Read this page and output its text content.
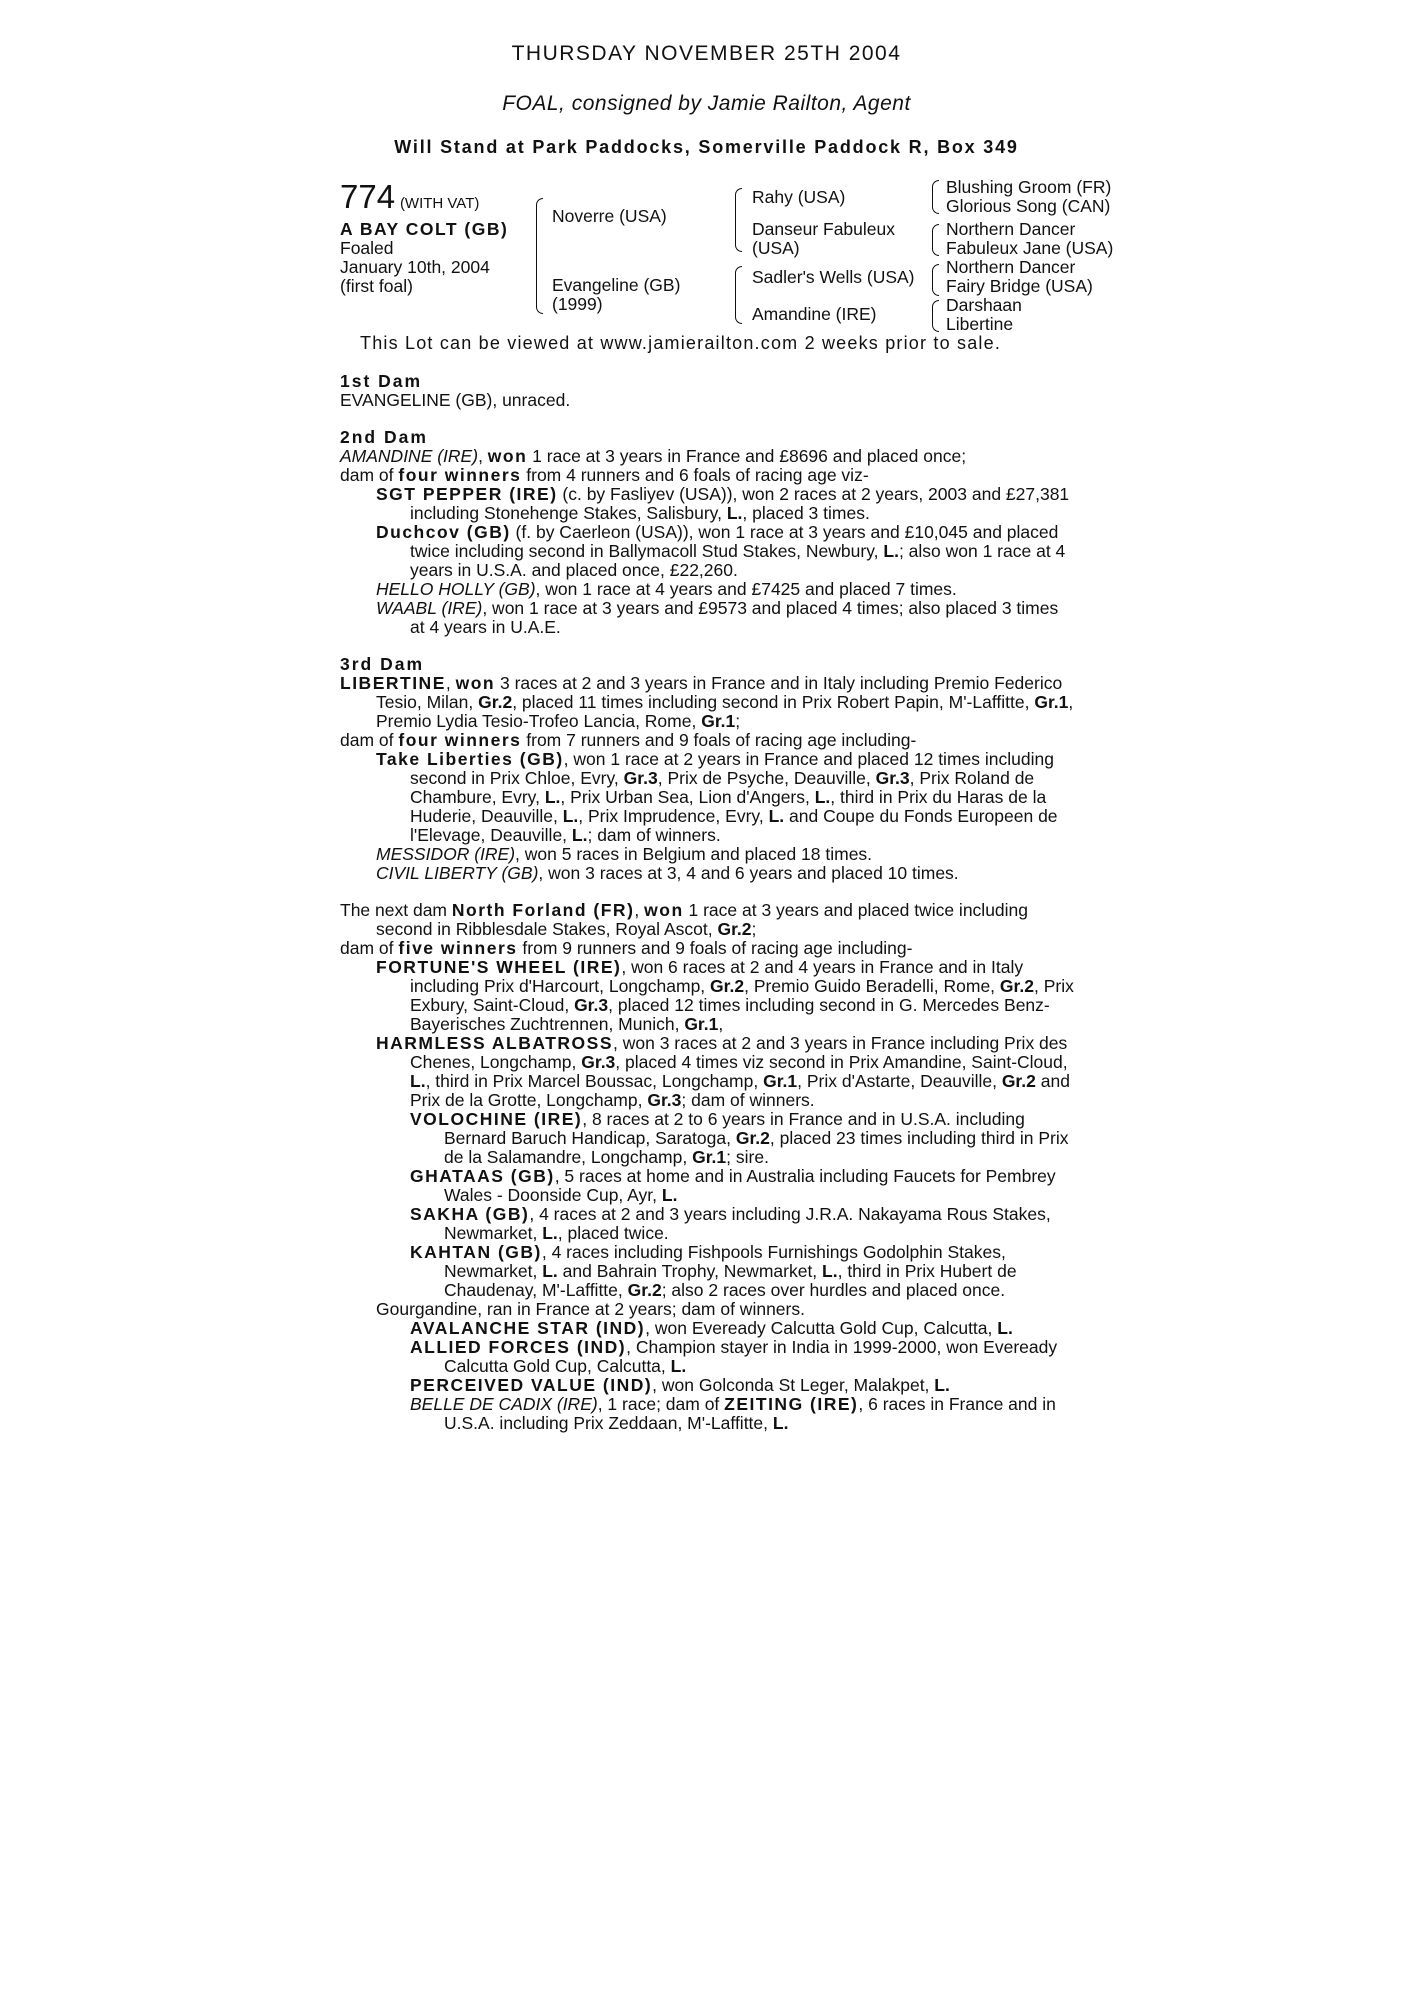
THURSDAY NOVEMBER 25TH 2004
FOAL, consigned by Jamie Railton, Agent
Will Stand at Park Paddocks, Somerville Paddock R, Box 349
774 (WITH VAT)
A BAY COLT (GB)
Foaled
January 10th, 2004
(first foal)
Noverre (USA)
Evangeline (GB)
(1999)
Rahy (USA)
Danseur Fabuleux
(USA)
Sadler's Wells (USA)
Amandine (IRE)
Blushing Groom (FR)
Glorious Song (CAN)
Northern Dancer
Fabuleux Jane (USA)
Northern Dancer
Fairy Bridge (USA)
Darshaan
Libertine
This Lot can be viewed at www.jamierailton.com 2 weeks prior to sale.
1st Dam

EVANGELINE (GB), unraced.

2nd Dam

AMANDINE (IRE), won 1 race at 3 years in France and £8696 and placed once;

dam of four winners from 4 runners and 6 foals of racing age viz-

SGT PEPPER (IRE) (c. by Fasliyev (USA)), won 2 races at 2 years, 2003 and £27,381 including Stonehenge Stakes, Salisbury, L., placed 3 times.

Duchcov (GB) (f. by Caerleon (USA)), won 1 race at 3 years and £10,045 and placed twice including second in Ballymacoll Stud Stakes, Newbury, L.; also won 1 race at 4 years in U.S.A. and placed once, £22,260.

HELLO HOLLY (GB), won 1 race at 4 years and £7425 and placed 7 times.

WAABL (IRE), won 1 race at 3 years and £9573 and placed 4 times; also placed 3 times at 4 years in U.A.E.

3rd Dam

LIBERTINE, won 3 races at 2 and 3 years in France and in Italy including Premio Federico Tesio, Milan, Gr.2, placed 11 times including second in Prix Robert Papin, M'-Laffitte, Gr.1, Premio Lydia Tesio-Trofeo Lancia, Rome, Gr.1;

dam of four winners from 7 runners and 9 foals of racing age including-

Take Liberties (GB), won 1 race at 2 years in France and placed 12 times including second in Prix Chloe, Evry, Gr.3, Prix de Psyche, Deauville, Gr.3, Prix Roland de Chambure, Evry, L., Prix Urban Sea, Lion d'Angers, L., third in Prix du Haras de la Huderie, Deauville, L., Prix Imprudence, Evry, L. and Coupe du Fonds Europeen de l'Elevage, Deauville, L.; dam of winners.

MESSIDOR (IRE), won 5 races in Belgium and placed 18 times.

CIVIL LIBERTY (GB), won 3 races at 3, 4 and 6 years and placed 10 times.

The next dam North Forland (FR), won 1 race at 3 years and placed twice including second in Ribblesdale Stakes, Royal Ascot, Gr.2;

dam of five winners from 9 runners and 9 foals of racing age including-

FORTUNE'S WHEEL (IRE), won 6 races at 2 and 4 years in France and in Italy including Prix d'Harcourt, Longchamp, Gr.2, Premio Guido Beradelli, Rome, Gr.2, Prix Exbury, Saint-Cloud, Gr.3, placed 12 times including second in G. Mercedes Benz-Bayerisches Zuchtrennen, Munich, Gr.1,

HARMLESS ALBATROSS, won 3 races at 2 and 3 years in France including Prix des Chenes, Longchamp, Gr.3, placed 4 times viz second in Prix Amandine, Saint-Cloud, L., third in Prix Marcel Boussac, Longchamp, Gr.1, Prix d'Astarte, Deauville, Gr.2 and Prix de la Grotte, Longchamp, Gr.3; dam of winners.

VOLOCHINE (IRE), 8 races at 2 to 6 years in France and in U.S.A. including Bernard Baruch Handicap, Saratoga, Gr.2, placed 23 times including third in Prix de la Salamandre, Longchamp, Gr.1; sire.

GHATAAS (GB), 5 races at home and in Australia including Faucets for Pembrey Wales - Doonside Cup, Ayr, L.

SAKHA (GB), 4 races at 2 and 3 years including J.R.A. Nakayama Rous Stakes, Newmarket, L., placed twice.

KAHTAN (GB), 4 races including Fishpools Furnishings Godolphin Stakes, Newmarket, L. and Bahrain Trophy, Newmarket, L., third in Prix Hubert de Chaudenay, M'-Laffitte, Gr.2; also 2 races over hurdles and placed once.

Gourgandine, ran in France at 2 years; dam of winners.

AVALANCHE STAR (IND), won Eveready Calcutta Gold Cup, Calcutta, L.

ALLIED FORCES (IND), Champion stayer in India in 1999-2000, won Eveready Calcutta Gold Cup, Calcutta, L.

PERCEIVED VALUE (IND), won Golconda St Leger, Malakpet, L.

BELLE DE CADIX (IRE), 1 race; dam of ZEITING (IRE), 6 races in France and in U.S.A. including Prix Zeddaan, M'-Laffitte, L.
